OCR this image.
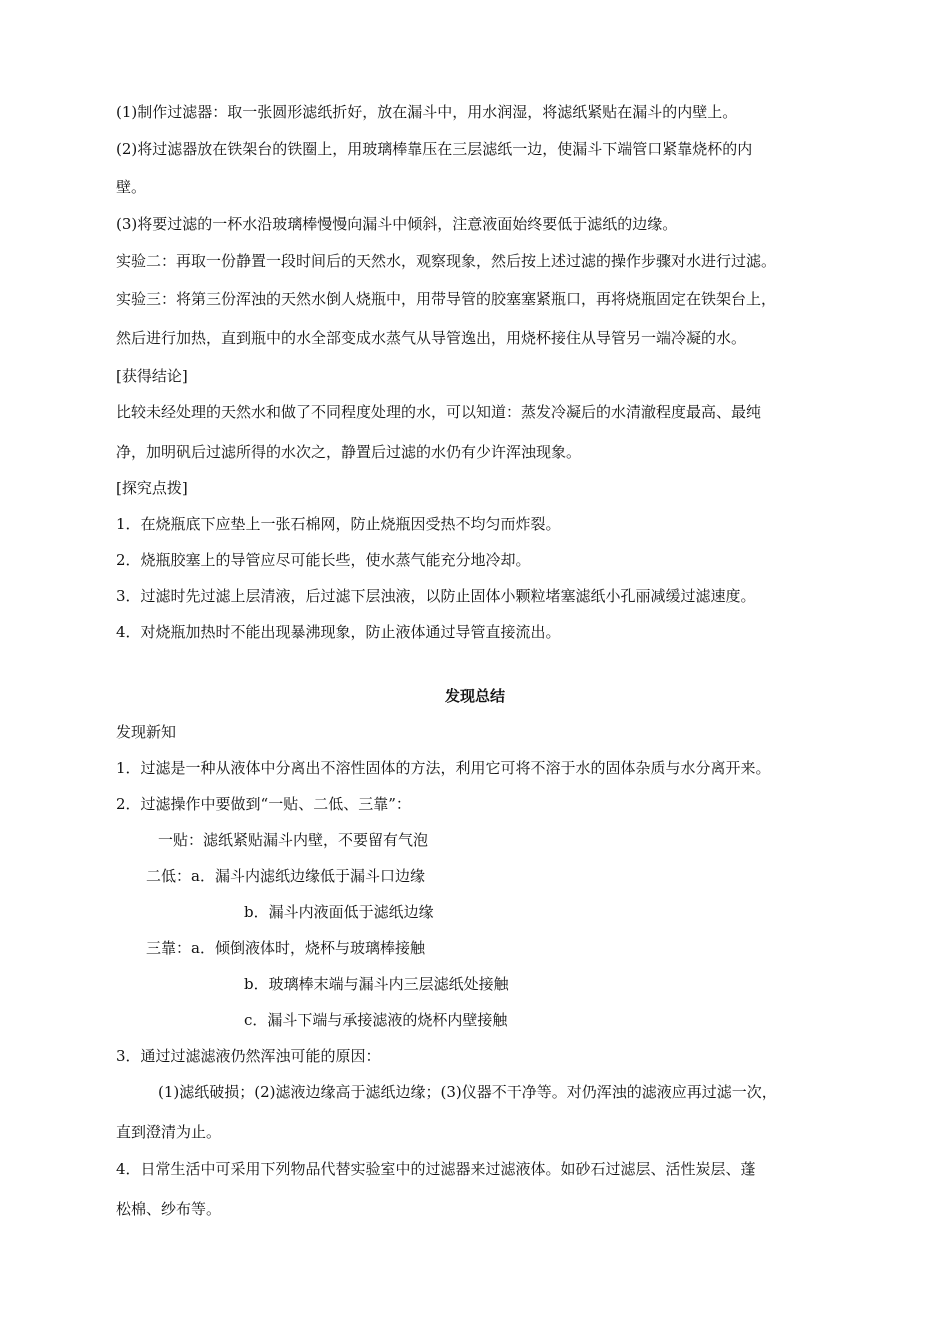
(1)制作过滤器：取一张圆形滤纸折好，放在漏斗中，用水润湿，将滤纸紧贴在漏斗的内壁上。
(2)将过滤器放在铁架台的铁圈上，用玻璃棒靠压在三层滤纸一边，使漏斗下端管口紧靠烧杯的内
壁。
(3)将要过滤的一杯水沿玻璃棒慢慢向漏斗中倾斜，注意液面始终要低于滤纸的边缘。
实验二：再取一份静置一段时间后的天然水，观察现象，然后按上述过滤的操作步骤对水进行过滤。
实验三：将第三份浑浊的天然水倒人烧瓶中，用带导管的胶塞塞紧瓶口，再将烧瓶固定在铁架台上，
然后进行加热，直到瓶中的水全部变成水蒸气从导管逸出，用烧杯接住从导管另一端冷凝的水。
[获得结论]
比较未经处理的天然水和做了不同程度处理的水，可以知道：蒸发冷凝后的水清澈程度最高、最纯
净，加明矾后过滤所得的水次之，静置后过滤的水仍有少许浑浊现象。
[探究点拨]
1．在烧瓶底下应垫上一张石棉网，防止烧瓶因受热不均匀而炸裂。
2．烧瓶胶塞上的导管应尽可能长些，使水蒸气能充分地冷却。
3．过滤时先过滤上层清液，后过滤下层浊液，以防止固体小颗粒堵塞滤纸小孔丽减缓过滤速度。
4．对烧瓶加热时不能出现暴沸现象，防止液体通过导管直接流出。
发现总结
发现新知
1．过滤是一种从液体中分离出不溶性固体的方法，利用它可将不溶于水的固体杂质与水分离开来。
2．过滤操作中要做到“一贴、二低、三靠”：
一贴：滤纸紧贴漏斗内壁，不要留有气泡
二低：a．漏斗内滤纸边缘低于漏斗口边缘
b．漏斗内液面低于滤纸边缘
三靠：a．倾倒液体时，烧杯与玻璃棒接触
b．玻璃棒末端与漏斗内三层滤纸处接触
c．漏斗下端与承接滤液的烧杯内壁接触
3．通过过滤滤液仍然浑浊可能的原因：
(1)滤纸破损；(2)滤液边缘高于滤纸边缘；(3)仪器不干净等。对仍浑浊的滤液应再过滤一次，
直到澄清为止。
4．日常生活中可采用下列物品代替实验室中的过滤器来过滤液体。如砂石过滤层、活性炭层、蓬
松棉、纱布等。
